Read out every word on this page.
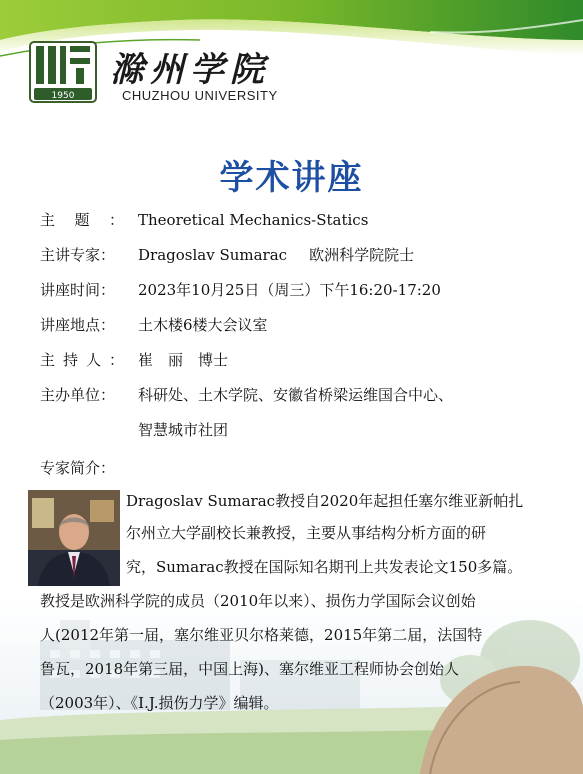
1950
滁州学院
CHUZHOU UNIVERSITY
学术讲座
主 题 ： Theoretical Mechanics-Statics
主讲专家：	Dragoslav Sumarac 欧洲科学院院士
讲座时间：	2023年10月25日（周三）下午16:20-17:20
讲座地点：	土木楼6楼大会议室
主 持 人 ： 崔　丽　博士
主办单位：	科研处、土木学院、安徽省桥梁运维国合中心、
智慧城市社团
专家简介：
Dragoslav Sumarac教授自2020年起担任塞尔维亚新帕扎
尔州立大学副校长兼教授，主要从事结构分析方面的研
究，Sumarac教授在国际知名期刊上共发表论文150多篇。
教授是欧洲科学院的成员（2010年以来）、损伤力学国际会议创始
人(2012年第一届，塞尔维亚贝尔格莱德，2015年第二届，法国特
鲁瓦，2018年第三届，中国上海)、塞尔维亚工程师协会创始人
（2003年）、《I.J.损伤力学》编辑。
